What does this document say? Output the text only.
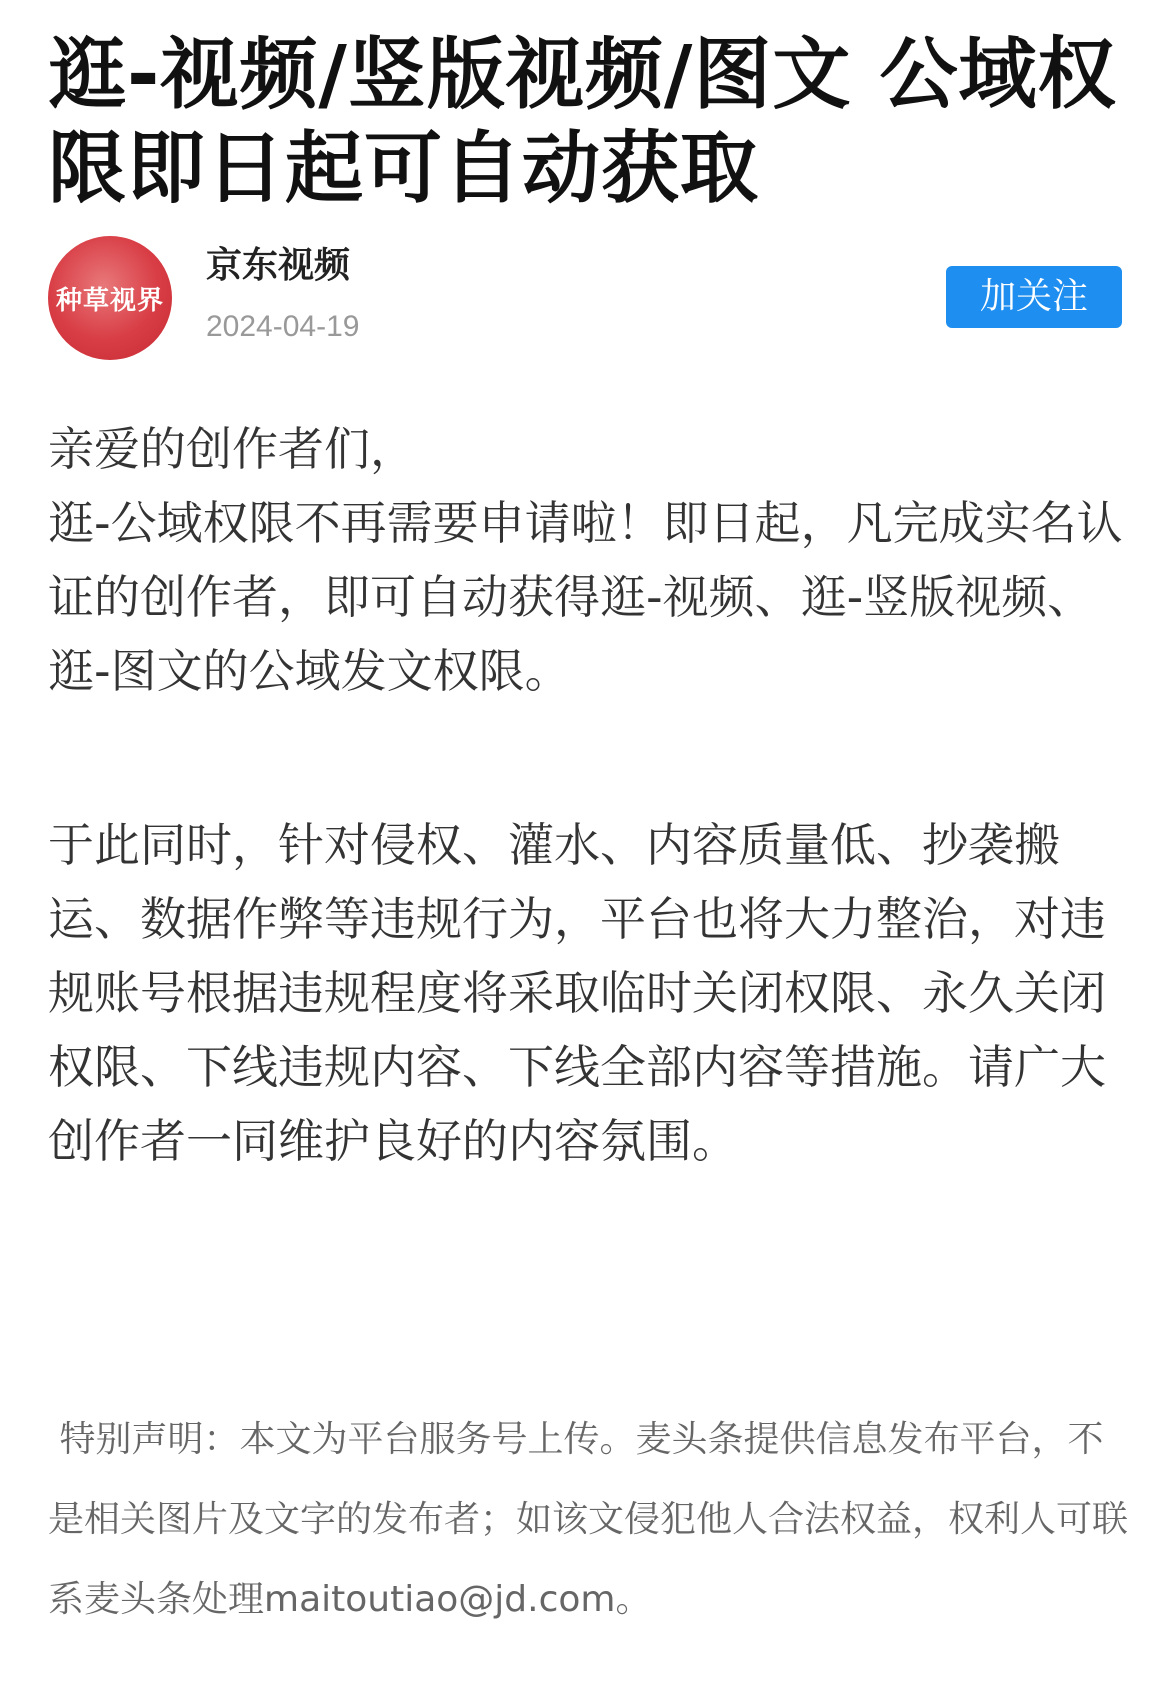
逛-视频/竖版视频/图文 公域权限即日起可自动获取
种草视界
京东视频
2024-04-19
加关注

亲爱的创作者们，
逛-公域权限不再需要申请啦！即日起，凡完成实名认证的创作者，即可自动获得逛-视频、逛-竖版视频、逛-图文的公域发文权限。

于此同时，针对侵权、灌水、内容质量低、抄袭搬运、数据作弊等违规行为，平台也将大力整治，对违规账号根据违规程度将采取临时关闭权限、永久关闭权限、下线违规内容、下线全部内容等措施。请广大创作者一同维护良好的内容氛围。

特别声明：本文为平台服务号上传。麦头条提供信息发布平台，不是相关图片及文字的发布者；如该文侵犯他人合法权益，权利人可联系麦头条处理maitoutiao@jd.com。
